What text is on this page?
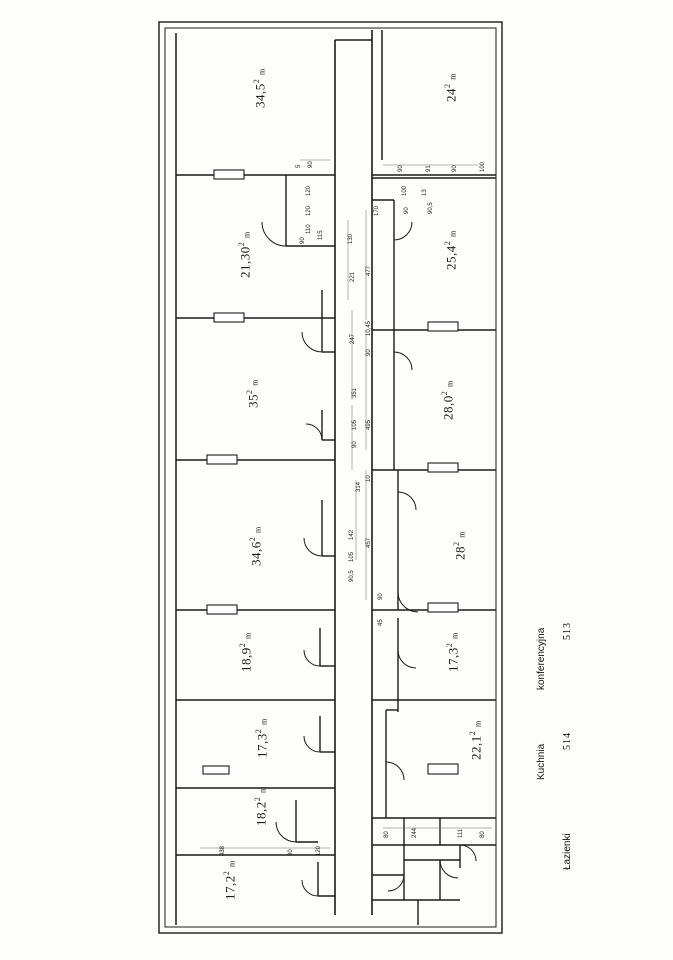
34,5$^2$ m
21,30$^2$ m
$35^2$ m
34,6$^2$ m
18,9$^2$ m
17,3$^2$ m
18,2$^2$ m
17,2$^2$ m
$24^2$ m
25,4$^2$ m
28,0$^2$ m
$28^2$ m
17,3$^2$ m
22,1$^2$ m
513
konferencyjna
514
Kuchnia
Łazienki
221
247
351
105
90
314
142
105
90,5
90
45
477
10,45
90
495
10
457
5 90
120
120
110
115
90	130
170
90	91	90	100
100 13
90	90,5
244	111	80
80
438	90	120
